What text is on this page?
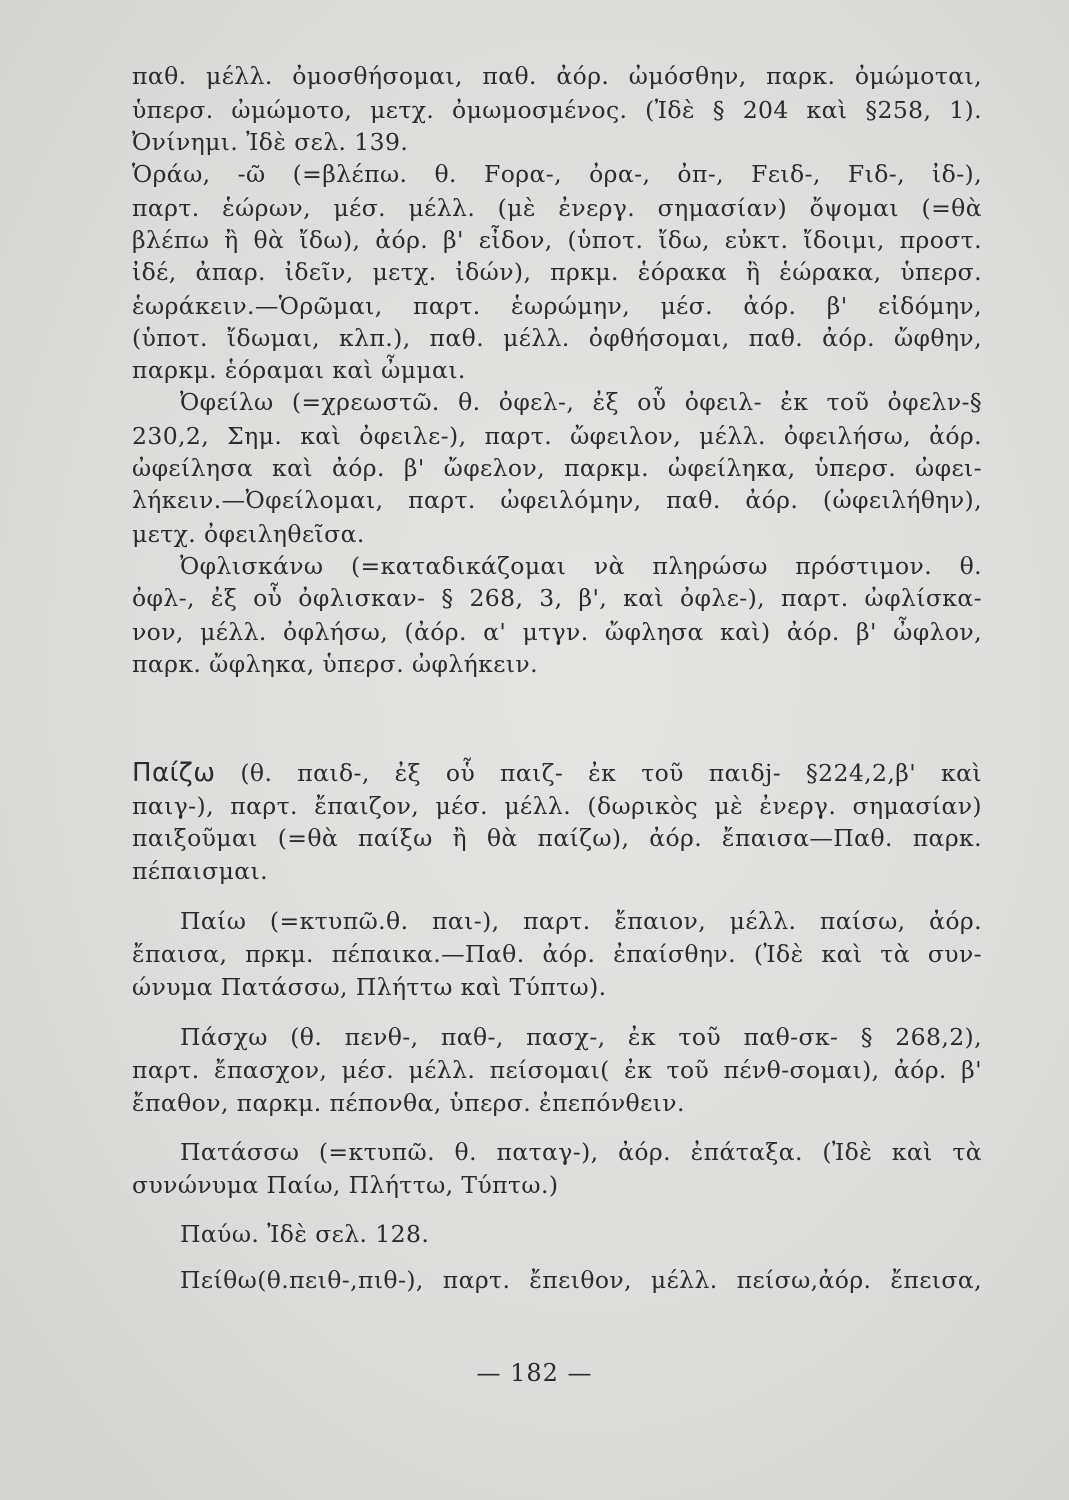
παθ. μέλλ. ὀμοσθήσομαι, παθ. ἀόρ. ὠμόσθην, παρκ. ὀμώμοται,
ὑπερσ. ὠμώμοτο, μετχ. ὀμωμοσμένος. (Ἰδὲ § 204 καὶ §258, 1).
Ὀνίνημι. Ἰδὲ σελ. 139.
Ὁράω, -ῶ (=βλέπω. θ. Fορα-, ὀρα-, ὀπ-, Fειδ-, Fιδ-, ἰδ-),
παρτ. ἑώρων, μέσ. μέλλ. (μὲ ἐνεργ. σημασίαν) ὄψομαι (=θὰ
βλέπω ἢ θὰ ἴδω), ἀόρ. β' εἶδον, (ὑποτ. ἴδω, εὐκτ. ἴδοιμι, προστ.
ἰδέ, ἀπαρ. ἰδεῖν, μετχ. ἰδών), πρκμ. ἑόρακα ἢ ἑώρακα, ὑπερσ.
ἑωράκειν.—Ὁρῶμαι, παρτ. ἑωρώμην, μέσ. ἀόρ. β' εἰδόμην,
(ὑποτ. ἴδωμαι, κλπ.), παθ. μέλλ. ὀφθήσομαι, παθ. ἀόρ. ὤφθην,
παρκμ. ἑόραμαι καὶ ὦμμαι.
Ὀφείλω (=χρεωστῶ. θ. ὀφελ-, ἐξ οὗ ὀφειλ- ἐκ τοῦ ὀφελν-§
230,2, Σημ. καὶ ὀφειλε-), παρτ. ὤφειλον, μέλλ. ὀφειλήσω, ἀόρ.
ὠφείλησα καὶ ἀόρ. β' ὤφελον, παρκμ. ὠφείληκα, ὑπερσ. ὠφει-
λήκειν.—Ὀφείλομαι, παρτ. ὠφειλόμην, παθ. ἀόρ. (ὠφειλήθην),
μετχ. ὀφειληθεῖσα.
Ὀφλισκάνω (=καταδικάζομαι νὰ πληρώσω πρόστιμον. θ.
ὀφλ-, ἐξ οὗ ὀφλισκαν- § 268, 3, β', καὶ ὀφλε-), παρτ. ὠφλίσκα-
νον, μέλλ. ὀφλήσω, (ἀόρ. α' μτγν. ὤφλησα καὶ) ἀόρ. β' ὦφλον,
παρκ. ὤφληκα, ὑπερσ. ὠφλήκειν.
Παίζω (θ. παιδ-, ἐξ οὗ παιζ- ἐκ τοῦ παιδj- §224,2,β' καὶ
παιγ-), παρτ. ἔπαιζον, μέσ. μέλλ. (δωρικὸς μὲ ἐνεργ. σημασίαν)
παιξοῦμαι (=θὰ παίξω ἢ θὰ παίζω), ἀόρ. ἔπαισα—Παθ. παρκ.
πέπαισμαι.
Παίω (=κτυπῶ.θ. παι-), παρτ. ἔπαιον, μέλλ. παίσω, ἀόρ.
ἔπαισα, πρκμ. πέπαικα.—Παθ. ἀόρ. ἐπαίσθην. (Ἰδὲ καὶ τὰ συν-
ώνυμα Πατάσσω, Πλήττω καὶ Τύπτω).
Πάσχω (θ. πενθ-, παθ-, πασχ-, ἐκ τοῦ παθ-σκ- § 268,2),
παρτ. ἔπασχον, μέσ. μέλλ. πείσομαι( ἐκ τοῦ πένθ-σομαι), ἀόρ. β'
ἔπαθον, παρκμ. πέπονθα, ὑπερσ. ἐπεπόνθειν.
Πατάσσω (=κτυπῶ. θ. παταγ-), ἀόρ. ἐπάταξα. (Ἰδὲ καὶ τὰ
συνώνυμα Παίω, Πλήττω, Τύπτω.)
Παύω. Ἰδὲ σελ. 128.
Πείθω(θ.πειθ-,πιθ-), παρτ. ἔπειθον, μέλλ. πείσω,ἀόρ. ἔπεισα,
— 182 —
